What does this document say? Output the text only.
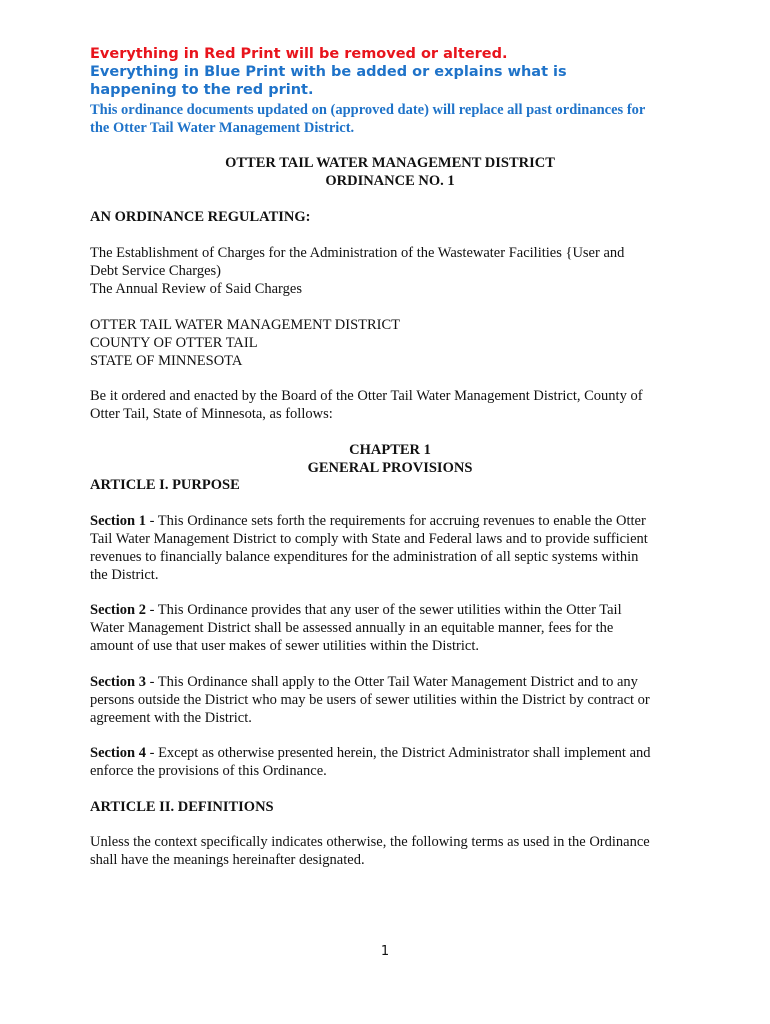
Everything in Red Print will be removed or altered.

Everything in Blue Print with be added or explains what is

happening to the red print.

This ordinance documents updated on (approved date) will replace all past ordinances for

the Otter Tail Water Management District.

OTTER TAIL WATER MANAGEMENT DISTRICT

ORDINANCE NO. 1

AN ORDINANCE REGULATING:

The Establishment of Charges for the Administration of the Wastewater Facilities {User and

Debt Service Charges)

The Annual Review of Said Charges

OTTER TAIL WATER MANAGEMENT DISTRICT

COUNTY OF OTTER TAIL

STATE OF MINNESOTA

Be it ordered and enacted by the Board of the Otter Tail Water Management District, County of

Otter Tail, State of Minnesota, as follows:

CHAPTER 1

GENERAL PROVISIONS

ARTICLE I. PURPOSE

Section 1 - This Ordinance sets forth the requirements for accruing revenues to enable the Otter

Tail Water Management District to comply with State and Federal laws and to provide sufficient

revenues to financially balance expenditures for the administration of all septic systems within

the District.

Section 2 - This Ordinance provides that any user of the sewer utilities within the Otter Tail

Water Management District shall be assessed annually in an equitable manner, fees for the

amount of use that user makes of sewer utilities within the District.

Section 3 - This Ordinance shall apply to the Otter Tail Water Management District and to any

persons outside the District who may be users of sewer utilities within the District by contract or

agreement with the District.

Section 4 - Except as otherwise presented herein, the District Administrator shall implement and

enforce the provisions of this Ordinance.

ARTICLE II. DEFINITIONS

Unless the context specifically indicates otherwise, the following terms as used in the Ordinance

shall have the meanings hereinafter designated.

1
